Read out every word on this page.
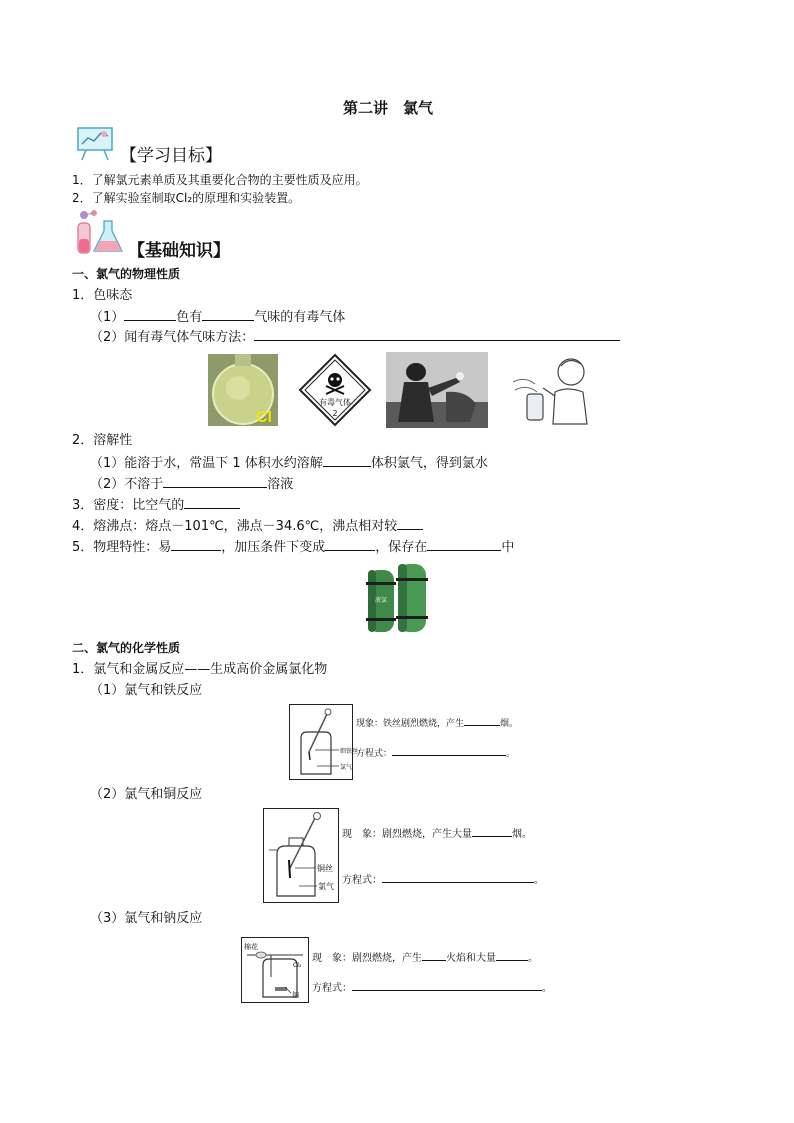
第二讲　氯气
【学习目标】
1．了解氯元素单质及其重要化合物的主要性质及应用。
2．了解实验室制取Cl₂的原理和实验装置。
【基础知识】
一、氯气的物理性质
1．色味态
（1）	色有	气味的有毒气体
（2）闻有毒气体气味方法：
Cl
有毒气体
2
2．溶解性
（1）能溶于水，常温下 1 体积水约溶解	体积氯气，得到氯水
（2）不溶于	溶液
3．密度：比空气的
4．熔沸点：熔点－101℃，沸点－34.6℃，沸点相对较
5．物理特性：易	，加压条件下变成	，保存在	中
液氯
二、氯气的化学性质
1．氯气和金属反应——生成高价金属氯化物
（1）氯气和铁反应
细铁丝
氯气
现象：铁丝剧烈燃烧，产生	烟。
方程式：	。
（2）氯气和铜反应
铜丝
氯气
现　象：剧烈燃烧，产生大量	烟。
方程式：	。
（3）氯气和钠反应
棉花
Cl₂
钠
现　象：剧烈燃烧，产生 火焰和大量	。
方程式：	。
